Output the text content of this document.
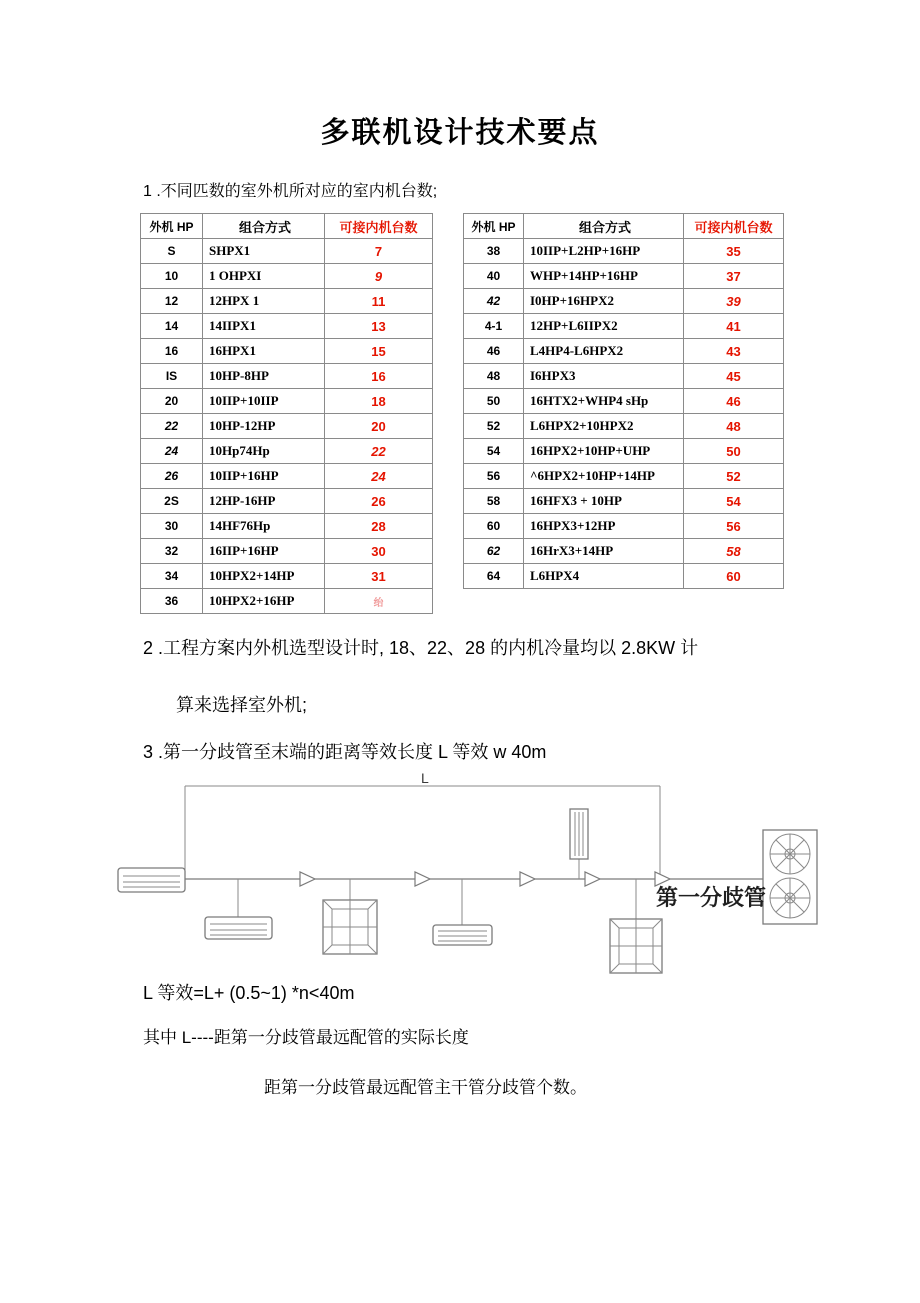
多联机设计技术要点
1 .不同匹数的室外机所对应的室内机台数;
外机 HP	组合方式	可接内机台数
S	SHPX1	7
10	1 OHPXI	9
12	12HPX 1	11
14	14IIPX1	13
16	16HPX1	15
IS	10HP-8HP	16
20	10IIP+10IIP	18
22	10HP-12HP	20
24	10Hp74Hp	22
26	10IIP+16HP	24
2S	12HP-16HP	26
30	14HF76Hp	28
32	16IIP+16HP	30
34	10HPX2+14HP	31
36	10HPX2+16HP	绐
外机 HP	组合方式	可接内机台数
38	10IIP+L2HP+16HP	35
40	WHP+14HP+16HP	37
42	I0HP+16HPX2	39
4-1	12HP+L6IIPX2	41
46	L4HP4-L6HPX2	43
48	I6HPX3	45
50	16HTX2+WHP4 sHp	46
52	L6HPX2+10HPX2	48
54	16HPX2+10HP+UHP	50
56	^6HPX2+10HP+14HP	52
58	16HFX3 + 10HP	54
60	16HPX3+12HP	56
62	16HrX3+14HP	58
64	L6HPX4	60
2 .工程方案内外机选型设计时, 18、22、28 的内机冷量均以 2.8KW 计
算来选择室外机;
3 .第一分歧管至末端的距离等效长度 L 等效 w 40m
L
第一分歧管
L 等效=L+ (0.5~1) *n<40m
其中 L----距第一分歧管最远配管的实际长度
距第一分歧管最远配管主干管分歧管个数。
